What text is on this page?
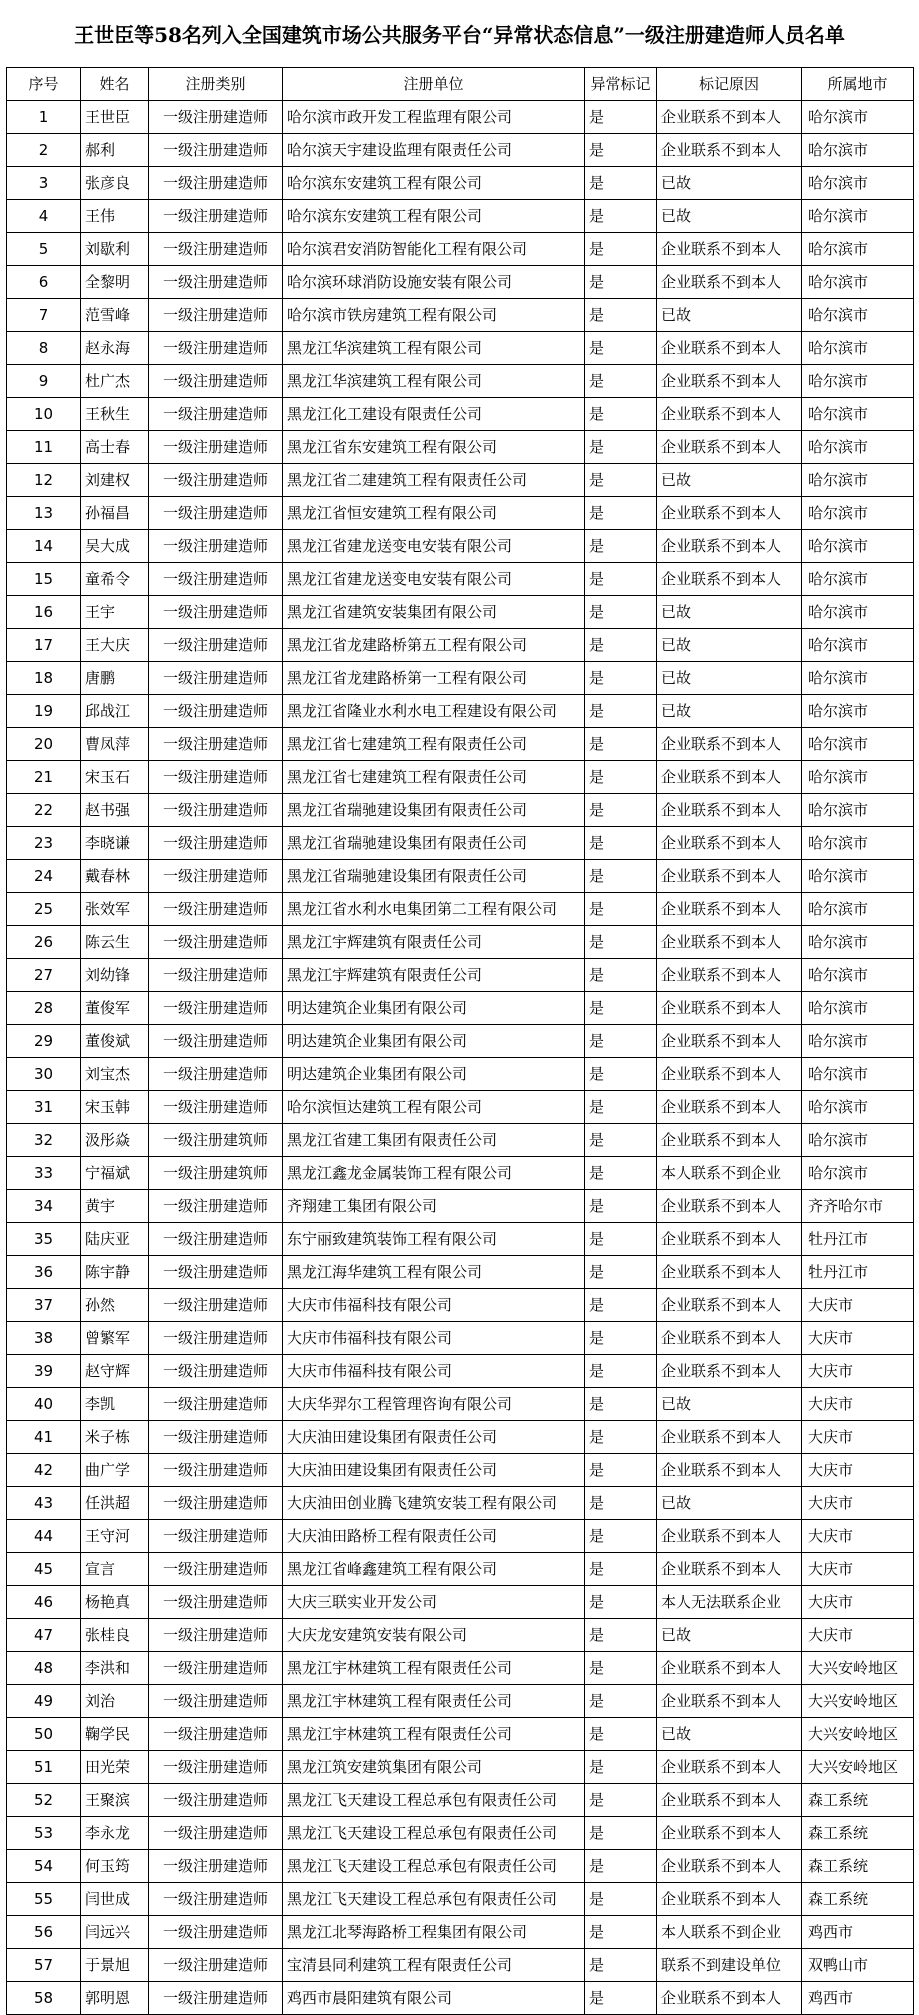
王世臣等58名列入全国建筑市场公共服务平台“异常状态信息”一级注册建造师人员名单
序号	姓名	注册类别	注册单位	异常标记	标记原因	所属地市
1	王世臣	一级注册建造师	哈尔滨市政开发工程监理有限公司	是	企业联系不到本人	哈尔滨市
2	郝利	一级注册建造师	哈尔滨天宇建设监理有限责任公司	是	企业联系不到本人	哈尔滨市
3	张彦良	一级注册建造师	哈尔滨东安建筑工程有限公司	是	已故	哈尔滨市
4	王伟	一级注册建造师	哈尔滨东安建筑工程有限公司	是	已故	哈尔滨市
5	刘歇利	一级注册建造师	哈尔滨君安消防智能化工程有限公司	是	企业联系不到本人	哈尔滨市
6	全黎明	一级注册建造师	哈尔滨环球消防设施安装有限公司	是	企业联系不到本人	哈尔滨市
7	范雪峰	一级注册建造师	哈尔滨市铁房建筑工程有限公司	是	已故	哈尔滨市
8	赵永海	一级注册建造师	黑龙江华滨建筑工程有限公司	是	企业联系不到本人	哈尔滨市
9	杜广杰	一级注册建造师	黑龙江华滨建筑工程有限公司	是	企业联系不到本人	哈尔滨市
10	王秋生	一级注册建造师	黑龙江化工建设有限责任公司	是	企业联系不到本人	哈尔滨市
11	高士春	一级注册建造师	黑龙江省东安建筑工程有限公司	是	企业联系不到本人	哈尔滨市
12	刘建权	一级注册建造师	黑龙江省二建建筑工程有限责任公司	是	已故	哈尔滨市
13	孙福昌	一级注册建造师	黑龙江省恒安建筑工程有限公司	是	企业联系不到本人	哈尔滨市
14	吴大成	一级注册建造师	黑龙江省建龙送变电安装有限公司	是	企业联系不到本人	哈尔滨市
15	童希令	一级注册建造师	黑龙江省建龙送变电安装有限公司	是	企业联系不到本人	哈尔滨市
16	王宇	一级注册建造师	黑龙江省建筑安装集团有限公司	是	已故	哈尔滨市
17	王大庆	一级注册建造师	黑龙江省龙建路桥第五工程有限公司	是	已故	哈尔滨市
18	唐鹏	一级注册建造师	黑龙江省龙建路桥第一工程有限公司	是	已故	哈尔滨市
19	邱战江	一级注册建造师	黑龙江省隆业水利水电工程建设有限公司	是	已故	哈尔滨市
20	曹凤萍	一级注册建造师	黑龙江省七建建筑工程有限责任公司	是	企业联系不到本人	哈尔滨市
21	宋玉石	一级注册建造师	黑龙江省七建建筑工程有限责任公司	是	企业联系不到本人	哈尔滨市
22	赵书强	一级注册建造师	黑龙江省瑞驰建设集团有限责任公司	是	企业联系不到本人	哈尔滨市
23	李晓谦	一级注册建造师	黑龙江省瑞驰建设集团有限责任公司	是	企业联系不到本人	哈尔滨市
24	戴春林	一级注册建造师	黑龙江省瑞驰建设集团有限责任公司	是	企业联系不到本人	哈尔滨市
25	张效军	一级注册建造师	黑龙江省水利水电集团第二工程有限公司	是	企业联系不到本人	哈尔滨市
26	陈云生	一级注册建造师	黑龙江宇辉建筑有限责任公司	是	企业联系不到本人	哈尔滨市
27	刘幼锋	一级注册建造师	黑龙江宇辉建筑有限责任公司	是	企业联系不到本人	哈尔滨市
28	董俊军	一级注册建造师	明达建筑企业集团有限公司	是	企业联系不到本人	哈尔滨市
29	董俊斌	一级注册建造师	明达建筑企业集团有限公司	是	企业联系不到本人	哈尔滨市
30	刘宝杰	一级注册建造师	明达建筑企业集团有限公司	是	企业联系不到本人	哈尔滨市
31	宋玉韩	一级注册建造师	哈尔滨恒达建筑工程有限公司	是	企业联系不到本人	哈尔滨市
32	汲彤焱	一级注册建筑师	黑龙江省建工集团有限责任公司	是	企业联系不到本人	哈尔滨市
33	宁福斌	一级注册建筑师	黑龙江鑫龙金属装饰工程有限公司	是	本人联系不到企业	哈尔滨市
34	黄宇	一级注册建造师	齐翔建工集团有限公司	是	企业联系不到本人	齐齐哈尔市
35	陆庆亚	一级注册建造师	东宁丽致建筑装饰工程有限公司	是	企业联系不到本人	牡丹江市
36	陈宇静	一级注册建造师	黑龙江海华建筑工程有限公司	是	企业联系不到本人	牡丹江市
37	孙然	一级注册建造师	大庆市伟福科技有限公司	是	企业联系不到本人	大庆市
38	曾繁军	一级注册建造师	大庆市伟福科技有限公司	是	企业联系不到本人	大庆市
39	赵守辉	一级注册建造师	大庆市伟福科技有限公司	是	企业联系不到本人	大庆市
40	李凯	一级注册建造师	大庆华羿尔工程管理咨询有限公司	是	已故	大庆市
41	米子栋	一级注册建造师	大庆油田建设集团有限责任公司	是	企业联系不到本人	大庆市
42	曲广学	一级注册建造师	大庆油田建设集团有限责任公司	是	企业联系不到本人	大庆市
43	任洪超	一级注册建造师	大庆油田创业腾飞建筑安装工程有限公司	是	已故	大庆市
44	王守河	一级注册建造师	大庆油田路桥工程有限责任公司	是	企业联系不到本人	大庆市
45	宣言	一级注册建造师	黑龙江省峰鑫建筑工程有限公司	是	企业联系不到本人	大庆市
46	杨艳真	一级注册建造师	大庆三联实业开发公司	是	本人无法联系企业	大庆市
47	张桂良	一级注册建造师	大庆龙安建筑安装有限公司	是	已故	大庆市
48	李洪和	一级注册建造师	黑龙江宇林建筑工程有限责任公司	是	企业联系不到本人	大兴安岭地区
49	刘治	一级注册建造师	黑龙江宇林建筑工程有限责任公司	是	企业联系不到本人	大兴安岭地区
50	鞠学民	一级注册建造师	黑龙江宇林建筑工程有限责任公司	是	已故	大兴安岭地区
51	田光荣	一级注册建造师	黑龙江筑安建筑集团有限公司	是	企业联系不到本人	大兴安岭地区
52	王聚滨	一级注册建造师	黑龙江飞天建设工程总承包有限责任公司	是	企业联系不到本人	森工系统
53	李永龙	一级注册建造师	黑龙江飞天建设工程总承包有限责任公司	是	企业联系不到本人	森工系统
54	何玉筠	一级注册建造师	黑龙江飞天建设工程总承包有限责任公司	是	企业联系不到本人	森工系统
55	闫世成	一级注册建造师	黑龙江飞天建设工程总承包有限责任公司	是	企业联系不到本人	森工系统
56	闫远兴	一级注册建造师	黑龙江北琴海路桥工程集团有限公司	是	本人联系不到企业	鸡西市
57	于景旭	一级注册建造师	宝清县同利建筑工程有限责任公司	是	联系不到建设单位	双鸭山市
58	郭明恩	一级注册建造师	鸡西市晨阳建筑有限公司	是	企业联系不到本人	鸡西市
